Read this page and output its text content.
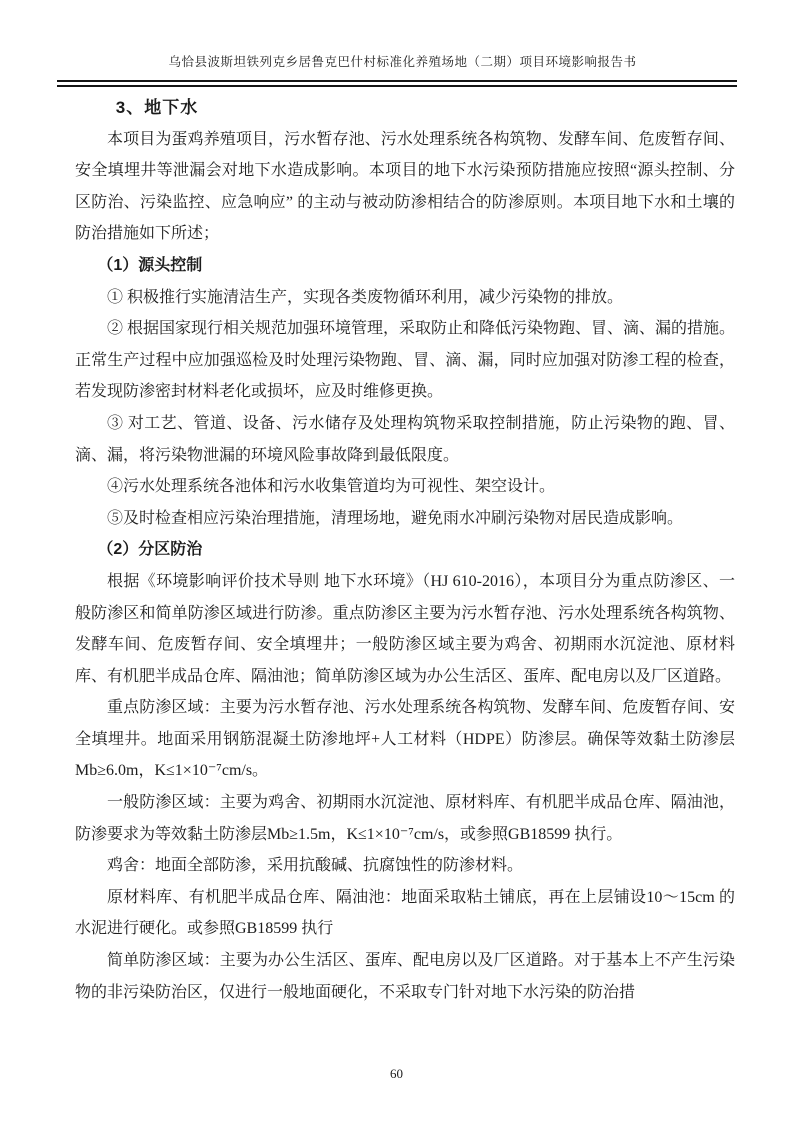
乌恰县波斯坦铁列克乡居鲁克巴什村标准化养殖场地（二期）项目环境影响报告书

3、地下水

本项目为蛋鸡养殖项目，污水暂存池、污水处理系统各构筑物、发酵车间、危废暂存间、安全填埋井等泄漏会对地下水造成影响。本项目的地下水污染预防措施应按照“源头控制、分区防治、污染监控、应急响应” 的主动与被动防渗相结合的防渗原则。本项目地下水和土壤的防治措施如下所述；

（1）源头控制

① 积极推行实施清洁生产，实现各类废物循环利用，减少污染物的排放。

② 根据国家现行相关规范加强环境管理，采取防止和降低污染物跑、冒、滴、漏的措施。正常生产过程中应加强巡检及时处理污染物跑、冒、滴、漏，同时应加强对防渗工程的检查，若发现防渗密封材料老化或损坏，应及时维修更换。

③ 对工艺、管道、设备、污水储存及处理构筑物采取控制措施，防止污染物的跑、冒、滴、漏，将污染物泄漏的环境风险事故降到最低限度。

④污水处理系统各池体和污水收集管道均为可视性、架空设计。

⑤及时检查相应污染治理措施，清理场地，避免雨水冲刷污染物对居民造成影响。

（2）分区防治

根据《环境影响评价技术导则 地下水环境》（HJ 610-2016），本项目分为重点防渗区、一般防渗区和简单防渗区域进行防渗。重点防渗区主要为污水暂存池、污水处理系统各构筑物、发酵车间、危废暂存间、安全填埋井；一般防渗区域主要为鸡舍、初期雨水沉淀池、原材料库、有机肥半成品仓库、隔油池；简单防渗区域为办公生活区、蛋库、配电房以及厂区道路。

重点防渗区域：主要为污水暂存池、污水处理系统各构筑物、发酵车间、危废暂存间、安全填埋井。地面采用钢筋混凝土防渗地坪+人工材料（HDPE）防渗层。确保等效黏土防渗层Mb≥6.0m，K≤1×10⁻⁷cm/s。

一般防渗区域：主要为鸡舍、初期雨水沉淀池、原材料库、有机肥半成品仓库、隔油池，防渗要求为等效黏土防渗层Mb≥1.5m，K≤1×10⁻⁷cm/s，或参照GB18599 执行。

鸡舍：地面全部防渗，采用抗酸碱、抗腐蚀性的防渗材料。

原材料库、有机肥半成品仓库、隔油池：地面采取粘土铺底，再在上层铺设10～15cm 的水泥进行硬化。或参照GB18599 执行

简单防渗区域：主要为办公生活区、蛋库、配电房以及厂区道路。对于基本上不产生污染物的非污染防治区，仅进行一般地面硬化，不采取专门针对地下水污染的防治措

60
